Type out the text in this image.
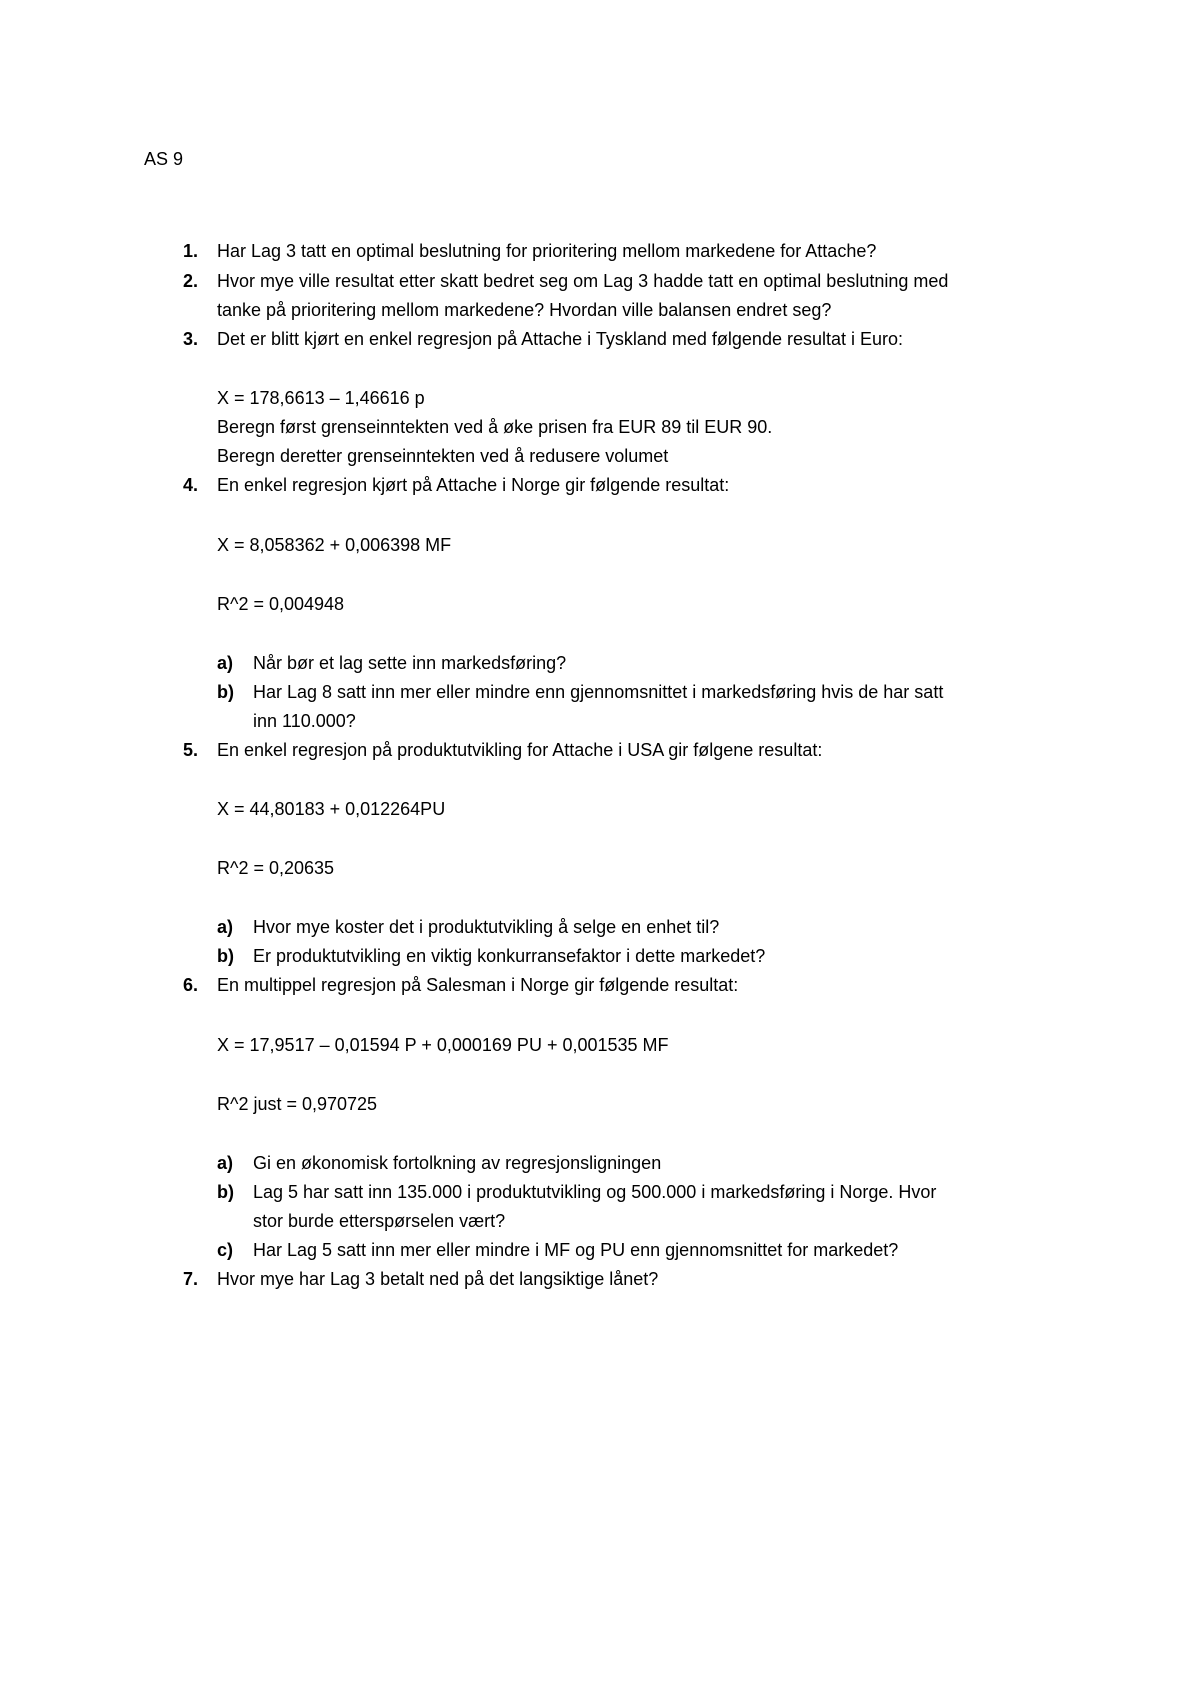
AS 9
1. Har Lag 3 tatt en optimal beslutning for prioritering mellom markedene for Attache?
2. Hvor mye ville resultat etter skatt bedret seg om Lag 3 hadde tatt en optimal beslutning med
tanke på prioritering mellom markedene? Hvordan ville balansen endret seg?
3. Det er blitt kjørt en enkel regresjon på Attache i Tyskland med følgende resultat i Euro:
X = 178,6613 – 1,46616 p
Beregn først grenseinntekten ved å øke prisen fra EUR 89 til EUR 90.
Beregn deretter grenseinntekten ved å redusere volumet
4. En enkel regresjon kjørt på Attache i Norge gir følgende resultat:
X = 8,058362 + 0,006398 MF
R^2 = 0,004948
a) Når bør et lag sette inn markedsføring?
b) Har Lag 8 satt inn mer eller mindre enn gjennomsnittet i markedsføring hvis de har satt
inn 110.000?
5. En enkel regresjon på produktutvikling for Attache i USA gir følgene resultat:
X = 44,80183 + 0,012264PU
R^2 = 0,20635
a) Hvor mye koster det i produktutvikling å selge en enhet til?
b) Er produktutvikling en viktig konkurransefaktor i dette markedet?
6. En multippel regresjon på Salesman i Norge gir følgende resultat:
X = 17,9517 – 0,01594 P + 0,000169 PU + 0,001535 MF
R^2 just = 0,970725
a) Gi en økonomisk fortolkning av regresjonsligningen
b) Lag 5 har satt inn 135.000 i produktutvikling og 500.000 i markedsføring i Norge. Hvor
stor burde etterspørselen vært?
c) Har Lag 5 satt inn mer eller mindre i MF og PU enn gjennomsnittet for markedet?
7. Hvor mye har Lag 3 betalt ned på det langsiktige lånet?
